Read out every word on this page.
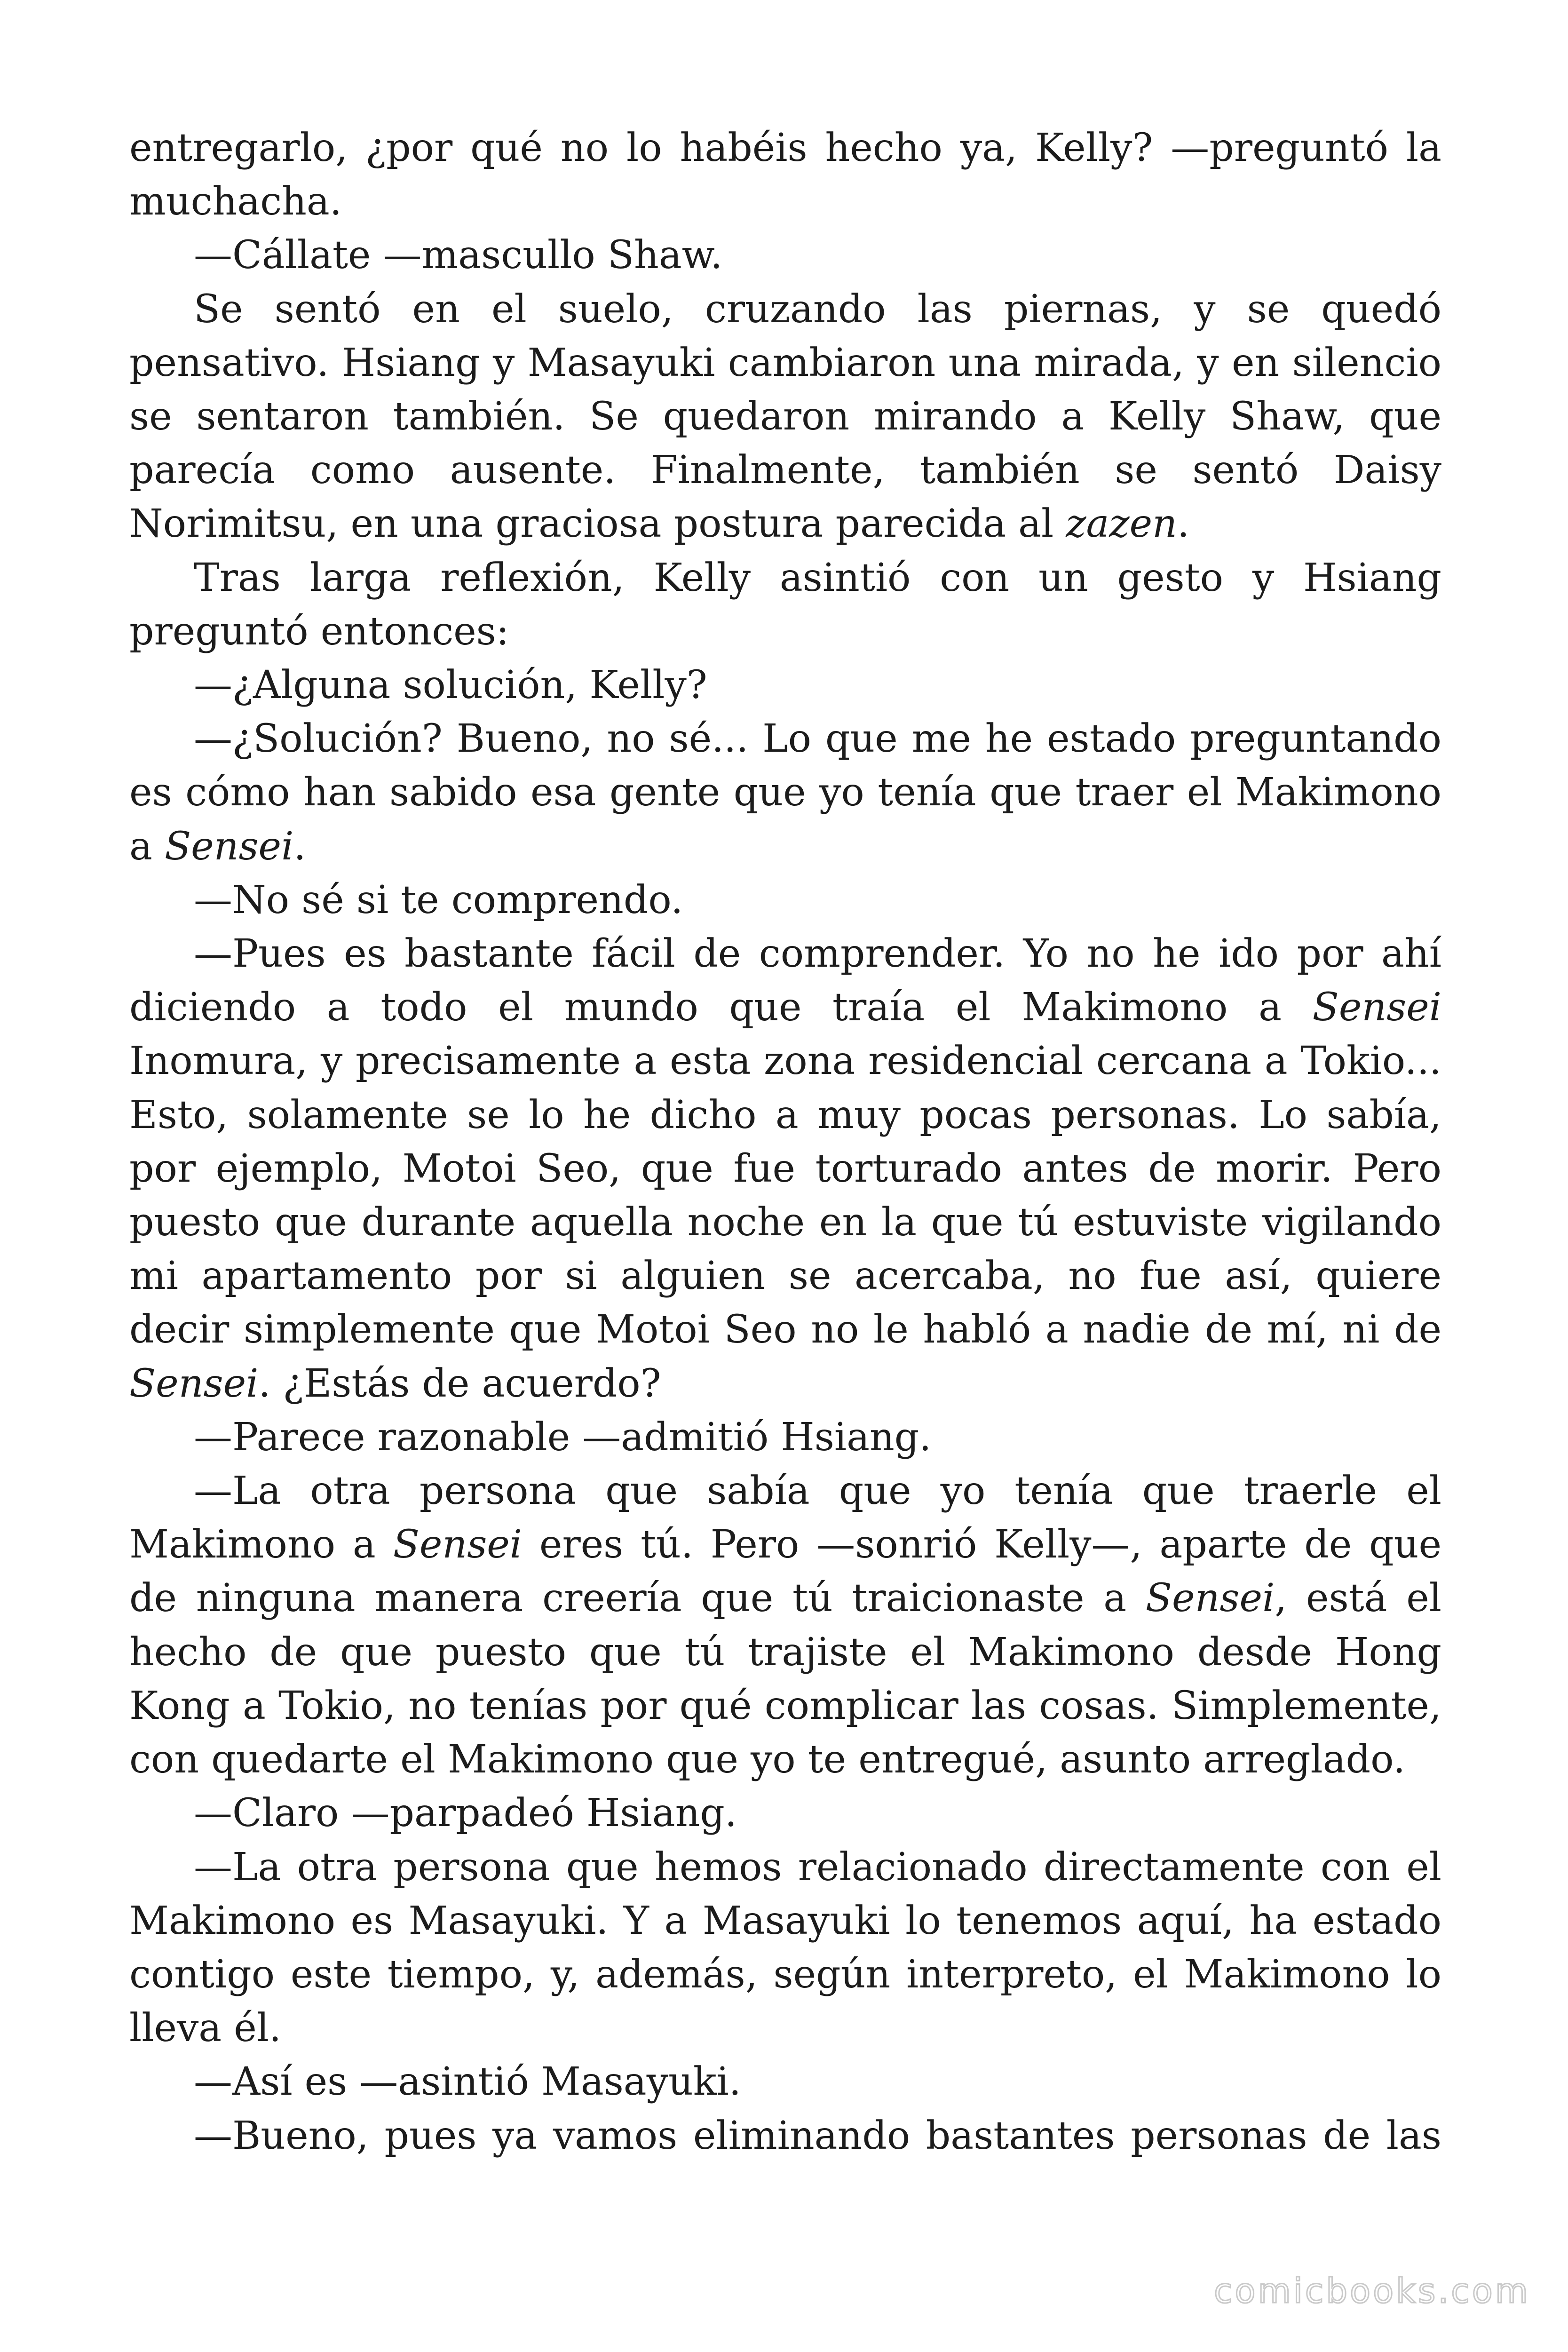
entregarlo, ¿por qué no lo habéis hecho ya, Kelly? —preguntó la muchacha.

—Cállate —mascullo Shaw.

Se sentó en el suelo, cruzando las piernas, y se quedó pensativo. Hsiang y Masayuki cambiaron una mirada, y en silencio se sentaron también. Se quedaron mirando a Kelly Shaw, que parecía como ausente. Finalmente, también se sentó Daisy Norimitsu, en una graciosa postura parecida al zazen.

Tras larga reflexión, Kelly asintió con un gesto y Hsiang preguntó entonces:

—¿Alguna solución, Kelly?

—¿Solución? Bueno, no sé... Lo que me he estado preguntando es cómo han sabido esa gente que yo tenía que traer el Makimono a Sensei.

—No sé si te comprendo.

—Pues es bastante fácil de comprender. Yo no he ido por ahí diciendo a todo el mundo que traía el Makimono a Sensei Inomura, y precisamente a esta zona residencial cercana a Tokio... Esto, solamente se lo he dicho a muy pocas personas. Lo sabía, por ejemplo, Motoi Seo, que fue torturado antes de morir. Pero puesto que durante aquella noche en la que tú estuviste vigilando mi apartamento por si alguien se acercaba, no fue así, quiere decir simplemente que Motoi Seo no le habló a nadie de mí, ni de Sensei. ¿Estás de acuerdo?

—Parece razonable —admitió Hsiang.

—La otra persona que sabía que yo tenía que traerle el Makimono a Sensei eres tú. Pero —sonrió Kelly—, aparte de que de ninguna manera creería que tú traicionaste a Sensei, está el hecho de que puesto que tú trajiste el Makimono desde Hong Kong a Tokio, no tenías por qué complicar las cosas. Simplemente, con quedarte el Makimono que yo te entregué, asunto arreglado.

—Claro —parpadeó Hsiang.

—La otra persona que hemos relacionado directamente con el Makimono es Masayuki. Y a Masayuki lo tenemos aquí, ha estado contigo este tiempo, y, además, según interpreto, el Makimono lo lleva él.

—Así es —asintió Masayuki.

—Bueno, pues ya vamos eliminando bastantes personas de las

comicbooks.com
